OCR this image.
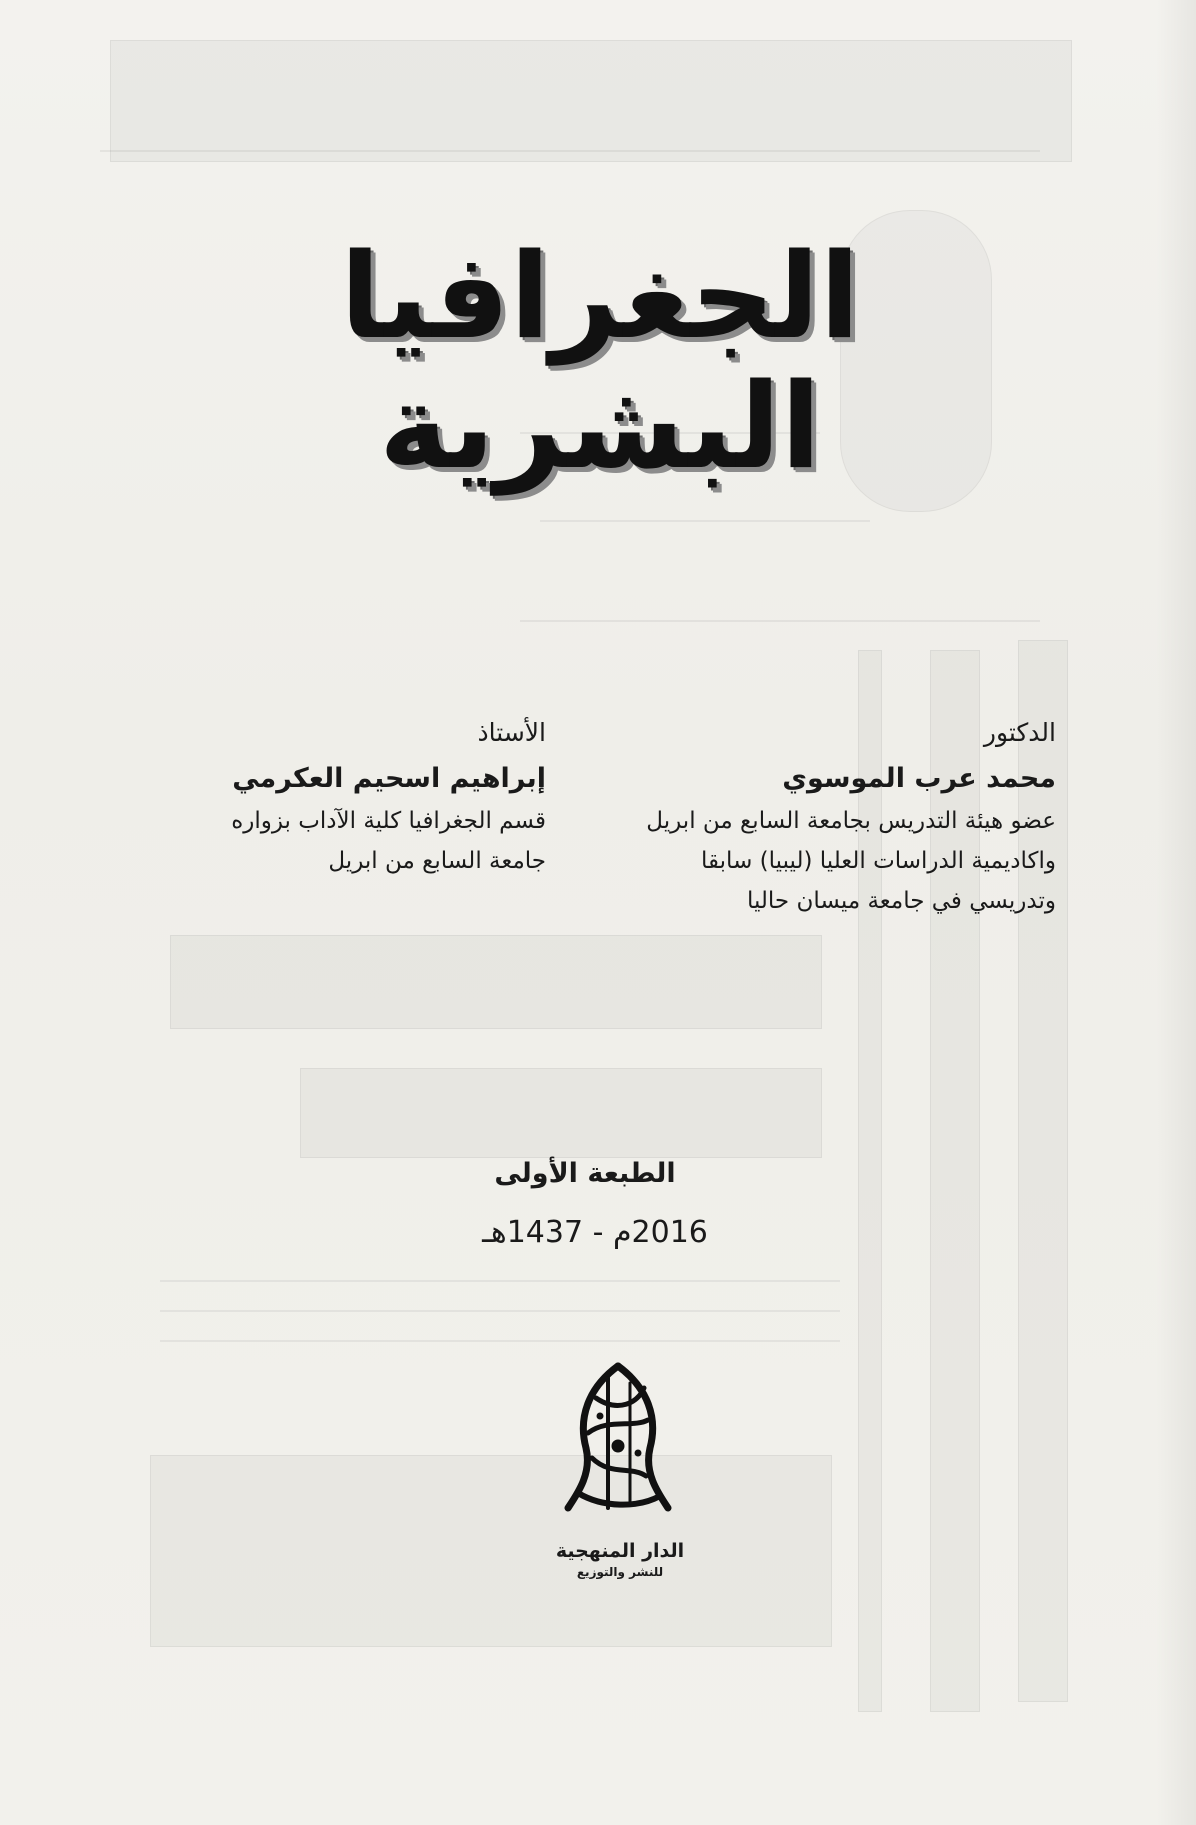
الجغرافيا البشرية
الدكتور
محمد عرب الموسوي
عضو هيئة التدريس بجامعة السابع من ابريل
واكاديمية الدراسات العليا (ليبيا) سابقا
وتدريسي في جامعة ميسان حاليا
الأستاذ
إبراهيم اسحيم العكرمي
قسم الجغرافيا كلية الآداب بزواره
جامعة السابع من ابريل
الطبعة الأولى
2016م - 1437هـ
الدار المنهجية
للنشر والتوزيع
